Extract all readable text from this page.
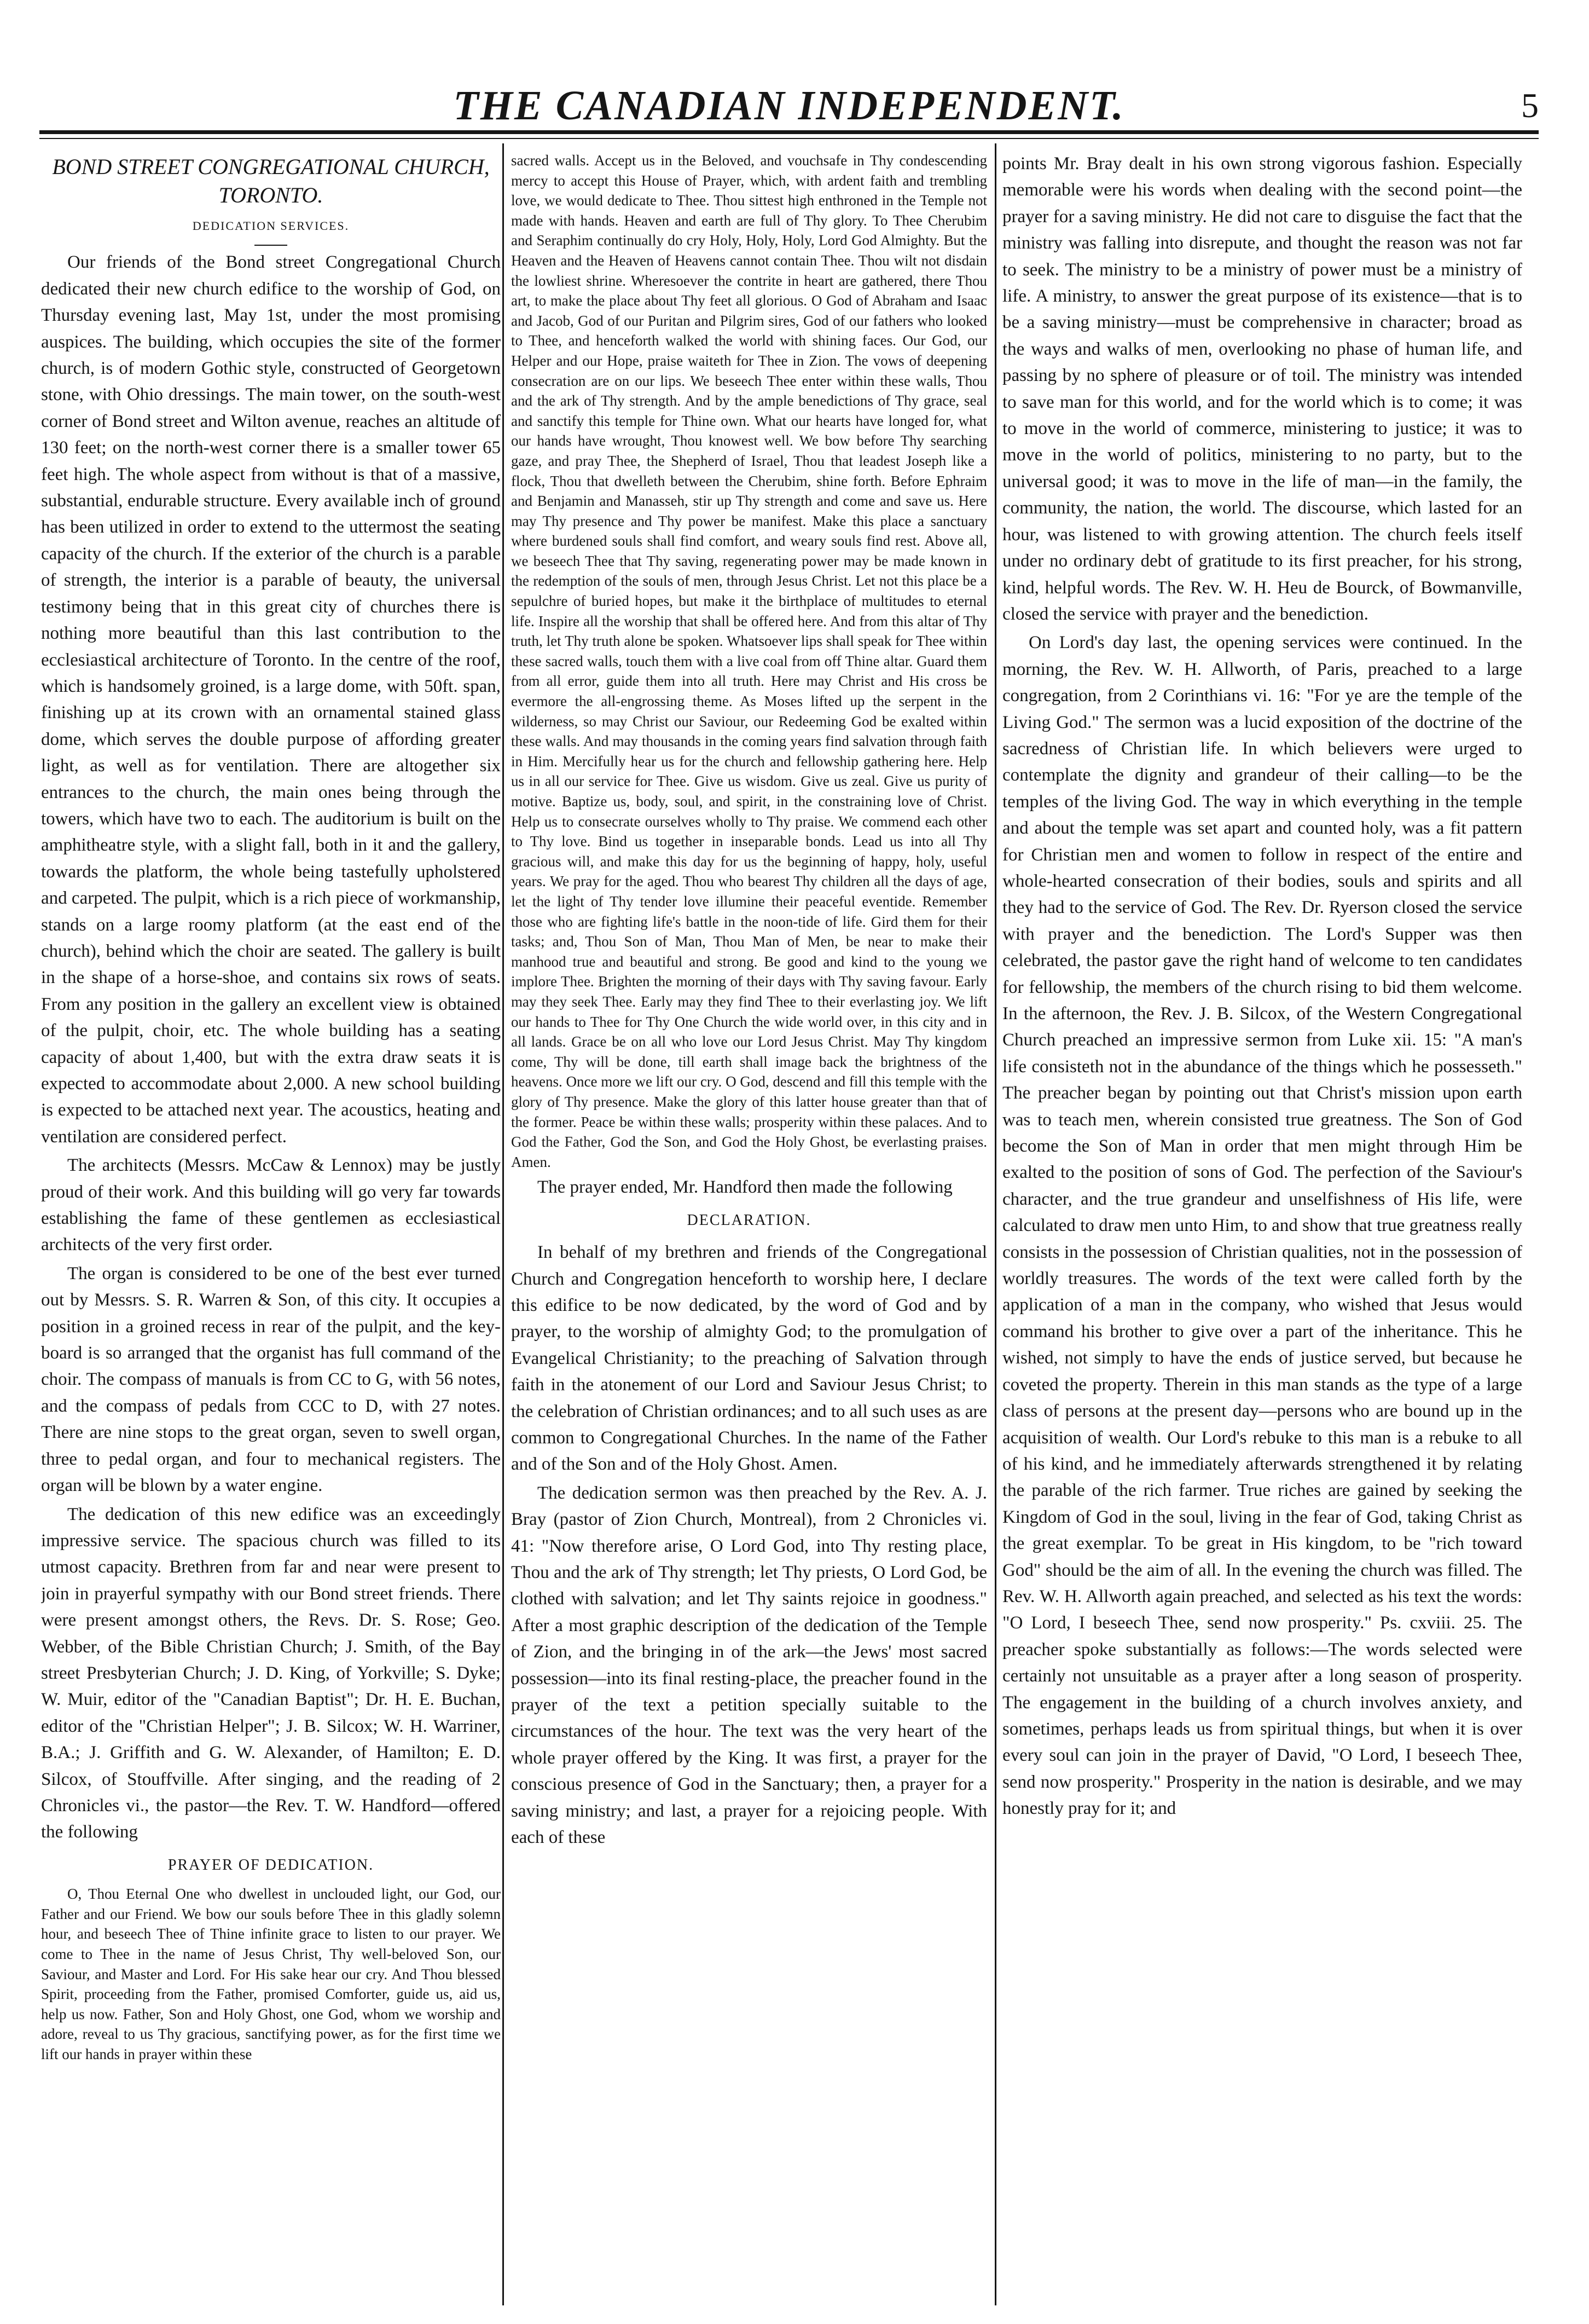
THE CANADIAN INDEPENDENT.	5
BOND STREET CONGREGATIONAL CHURCH, TORONTO.
DEDICATION SERVICES.

Our friends of the Bond street Congregational Church dedicated their new church edifice to the worship of God, on Thursday evening last, May 1st, under the most promising auspices. The building, which occupies the site of the former church, is of modern Gothic style, constructed of Georgetown stone, with Ohio dressings. The main tower, on the south-west corner of Bond street and Wilton avenue, reaches an altitude of 130 feet; on the north-west corner there is a smaller tower 65 feet high. The whole aspect from without is that of a massive, substantial, endurable structure. Every available inch of ground has been utilized in order to extend to the uttermost the seating capacity of the church. If the exterior of the church is a parable of strength, the interior is a parable of beauty, the universal testimony being that in this great city of churches there is nothing more beautiful than this last contribution to the ecclesiastical architecture of Toronto. In the centre of the roof, which is handsomely groined, is a large dome, with 50ft. span, finishing up at its crown with an ornamental stained glass dome, which serves the double purpose of affording greater light, as well as for ventilation. There are altogether six entrances to the church, the main ones being through the towers, which have two to each. The auditorium is built on the amphitheatre style, with a slight fall, both in it and the gallery, towards the platform, the whole being tastefully upholstered and carpeted. The pulpit, which is a rich piece of workmanship, stands on a large roomy platform (at the east end of the church), behind which the choir are seated. The gallery is built in the shape of a horse-shoe, and contains six rows of seats. From any position in the gallery an excellent view is obtained of the pulpit, choir, etc. The whole building has a seating capacity of about 1,400, but with the extra draw seats it is expected to accommodate about 2,000. A new school building is expected to be attached next year. The acoustics, heating and ventilation are considered perfect.

The architects (Messrs. McCaw & Lennox) may be justly proud of their work. And this building will go very far towards establishing the fame of these gentlemen as ecclesiastical architects of the very first order.

The organ is considered to be one of the best ever turned out by Messrs. S. R. Warren & Son, of this city. It occupies a position in a groined recess in rear of the pulpit, and the key-board is so arranged that the organist has full command of the choir. The compass of manuals is from CC to G, with 56 notes, and the compass of pedals from CCC to D, with 27 notes. There are nine stops to the great organ, seven to swell organ, three to pedal organ, and four to mechanical registers. The organ will be blown by a water engine.

The dedication of this new edifice was an exceedingly impressive service. The spacious church was filled to its utmost capacity. Brethren from far and near were present to join in prayerful sympathy with our Bond street friends. There were present amongst others, the Revs. Dr. S. Rose; Geo. Webber, of the Bible Christian Church; J. Smith, of the Bay street Presbyterian Church; J. D. King, of Yorkville; S. Dyke; W. Muir, editor of the "Canadian Baptist"; Dr. H. E. Buchan, editor of the "Christian Helper"; J. B. Silcox; W. H. Warriner, B.A.; J. Griffith and G. W. Alexander, of Hamilton; E. D. Silcox, of Stouffville. After singing, and the reading of 2 Chronicles vi., the pastor—the Rev. T. W. Handford—offered the following

PRAYER OF DEDICATION.

O, Thou Eternal One who dwellest in unclouded light, our God, our Father and our Friend. We bow our souls before Thee in this gladly solemn hour, and beseech Thee of Thine infinite grace to listen to our prayer. We come to Thee in the name of Jesus Christ, Thy well-beloved Son, our Saviour, and Master and Lord. For His sake hear our cry. And Thou blessed Spirit, proceeding from the Father, promised Comforter, guide us, aid us, help us now. Father, Son and Holy Ghost, one God, whom we worship and adore, reveal to us Thy gracious, sanctifying power, as for the first time we lift our hands in prayer within these

sacred walls. Accept us in the Beloved, and vouchsafe in Thy condescending mercy to accept this House of Prayer, which, with ardent faith and trembling love, we would dedicate to Thee. Thou sittest high enthroned in the Temple not made with hands. Heaven and earth are full of Thy glory. To Thee Cherubim and Seraphim continually do cry Holy, Holy, Holy, Lord God Almighty. But the Heaven and the Heaven of Heavens cannot contain Thee. Thou wilt not disdain the lowliest shrine. Wheresoever the contrite in heart are gathered, there Thou art, to make the place about Thy feet all glorious. O God of Abraham and Isaac and Jacob, God of our Puritan and Pilgrim sires, God of our fathers who looked to Thee, and henceforth walked the world with shining faces. Our God, our Helper and our Hope, praise waiteth for Thee in Zion. The vows of deepening consecration are on our lips. We beseech Thee enter within these walls, Thou and the ark of Thy strength. And by the ample benedictions of Thy grace, seal and sanctify this temple for Thine own. What our hearts have longed for, what our hands have wrought, Thou knowest well. We bow before Thy searching gaze, and pray Thee, the Shepherd of Israel, Thou that leadest Joseph like a flock, Thou that dwelleth between the Cherubim, shine forth. Before Ephraim and Benjamin and Manasseh, stir up Thy strength and come and save us. Here may Thy presence and Thy power be manifest. Make this place a sanctuary where burdened souls shall find comfort, and weary souls find rest. Above all, we beseech Thee that Thy saving, regenerating power may be made known in the redemption of the souls of men, through Jesus Christ. Let not this place be a sepulchre of buried hopes, but make it the birthplace of multitudes to eternal life. Inspire all the worship that shall be offered here. And from this altar of Thy truth, let Thy truth alone be spoken. Whatsoever lips shall speak for Thee within these sacred walls, touch them with a live coal from off Thine altar. Guard them from all error, guide them into all truth. Here may Christ and His cross be evermore the all-engrossing theme. As Moses lifted up the serpent in the wilderness, so may Christ our Saviour, our Redeeming God be exalted within these walls. And may thousands in the coming years find salvation through faith in Him. Mercifully hear us for the church and fellowship gathering here. Help us in all our service for Thee. Give us wisdom. Give us zeal. Give us purity of motive. Baptize us, body, soul, and spirit, in the constraining love of Christ. Help us to consecrate ourselves wholly to Thy praise. We commend each other to Thy love. Bind us together in inseparable bonds. Lead us into all Thy gracious will, and make this day for us the beginning of happy, holy, useful years. We pray for the aged. Thou who bearest Thy children all the days of age, let the light of Thy tender love illumine their peaceful eventide. Remember those who are fighting life's battle in the noon-tide of life. Gird them for their tasks; and, Thou Son of Man, Thou Man of Men, be near to make their manhood true and beautiful and strong. Be good and kind to the young we implore Thee. Brighten the morning of their days with Thy saving favour. Early may they seek Thee. Early may they find Thee to their everlasting joy. We lift our hands to Thee for Thy One Church the wide world over, in this city and in all lands. Grace be on all who love our Lord Jesus Christ. May Thy kingdom come, Thy will be done, till earth shall image back the brightness of the heavens. Once more we lift our cry. O God, descend and fill this temple with the glory of Thy presence. Make the glory of this latter house greater than that of the former. Peace be within these walls; prosperity within these palaces. And to God the Father, God the Son, and God the Holy Ghost, be everlasting praises. Amen.

The prayer ended, Mr. Handford then made the following

DECLARATION.

In behalf of my brethren and friends of the Congregational Church and Congregation henceforth to worship here, I declare this edifice to be now dedicated, by the word of God and by prayer, to the worship of almighty God; to the promulgation of Evangelical Christianity; to the preaching of Salvation through faith in the atonement of our Lord and Saviour Jesus Christ; to the celebration of Christian ordinances; and to all such uses as are common to Congregational Churches. In the name of the Father and of the Son and of the Holy Ghost. Amen.

The dedication sermon was then preached by the Rev. A. J. Bray (pastor of Zion Church, Montreal), from 2 Chronicles vi. 41: "Now therefore arise, O Lord God, into Thy resting place, Thou and the ark of Thy strength; let Thy priests, O Lord God, be clothed with salvation; and let Thy saints rejoice in goodness." After a most graphic description of the dedication of the Temple of Zion, and the bringing in of the ark—the Jews' most sacred possession—into its final resting-place, the preacher found in the prayer of the text a petition specially suitable to the circumstances of the hour. The text was the very heart of the whole prayer offered by the King. It was first, a prayer for the conscious presence of God in the Sanctuary; then, a prayer for a saving ministry; and last, a prayer for a rejoicing people. With each of these

points Mr. Bray dealt in his own strong vigorous fashion. Especially memorable were his words when dealing with the second point—the prayer for a saving ministry. He did not care to disguise the fact that the ministry was falling into disrepute, and thought the reason was not far to seek. The ministry to be a ministry of power must be a ministry of life. A ministry, to answer the great purpose of its existence—that is to be a saving ministry—must be comprehensive in character; broad as the ways and walks of men, overlooking no phase of human life, and passing by no sphere of pleasure or of toil. The ministry was intended to save man for this world, and for the world which is to come; it was to move in the world of commerce, ministering to justice; it was to move in the world of politics, ministering to no party, but to the universal good; it was to move in the life of man—in the family, the community, the nation, the world. The discourse, which lasted for an hour, was listened to with growing attention. The church feels itself under no ordinary debt of gratitude to its first preacher, for his strong, kind, helpful words. The Rev. W. H. Heu de Bourck, of Bowmanville, closed the service with prayer and the benediction.

On Lord's day last, the opening services were continued. In the morning, the Rev. W. H. Allworth, of Paris, preached to a large congregation, from 2 Corinthians vi. 16: "For ye are the temple of the Living God." The sermon was a lucid exposition of the doctrine of the sacredness of Christian life. In which believers were urged to contemplate the dignity and grandeur of their calling—to be the temples of the living God. The way in which everything in the temple and about the temple was set apart and counted holy, was a fit pattern for Christian men and women to follow in respect of the entire and whole-hearted consecration of their bodies, souls and spirits and all they had to the service of God. The Rev. Dr. Ryerson closed the service with prayer and the benediction. The Lord's Supper was then celebrated, the pastor gave the right hand of welcome to ten candidates for fellowship, the members of the church rising to bid them welcome. In the afternoon, the Rev. J. B. Silcox, of the Western Congregational Church preached an impressive sermon from Luke xii. 15: "A man's life consisteth not in the abundance of the things which he possesseth." The preacher began by pointing out that Christ's mission upon earth was to teach men, wherein consisted true greatness. The Son of God become the Son of Man in order that men might through Him be exalted to the position of sons of God. The perfection of the Saviour's character, and the true grandeur and unselfishness of His life, were calculated to draw men unto Him, to and show that true greatness really consists in the possession of Christian qualities, not in the possession of worldly treasures. The words of the text were called forth by the application of a man in the company, who wished that Jesus would command his brother to give over a part of the inheritance. This he wished, not simply to have the ends of justice served, but because he coveted the property. Therein in this man stands as the type of a large class of persons at the present day—persons who are bound up in the acquisition of wealth. Our Lord's rebuke to this man is a rebuke to all of his kind, and he immediately afterwards strengthened it by relating the parable of the rich farmer. True riches are gained by seeking the Kingdom of God in the soul, living in the fear of God, taking Christ as the great exemplar. To be great in His kingdom, to be "rich toward God" should be the aim of all. In the evening the church was filled. The Rev. W. H. Allworth again preached, and selected as his text the words: "O Lord, I beseech Thee, send now prosperity." Ps. cxviii. 25. The preacher spoke substantially as follows:—The words selected were certainly not unsuitable as a prayer after a long season of prosperity. The engagement in the building of a church involves anxiety, and sometimes, perhaps leads us from spiritual things, but when it is over every soul can join in the prayer of David, "O Lord, I beseech Thee, send now prosperity." Prosperity in the nation is desirable, and we may honestly pray for it; and
